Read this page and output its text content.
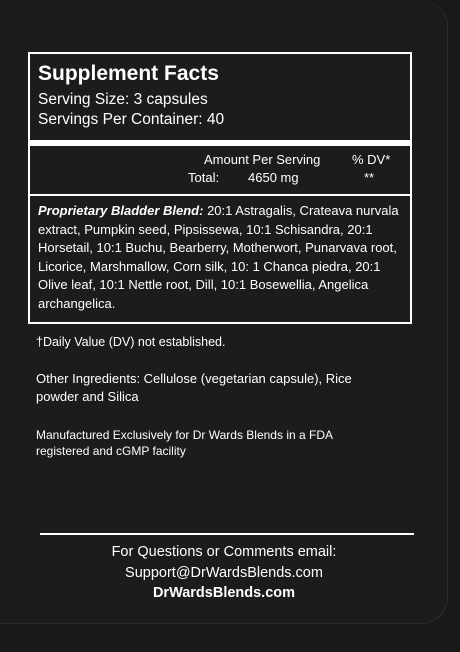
Supplement Facts
Serving Size: 3 capsules
Servings Per Container: 40
Amount Per Serving % DV*
Total: 4650 mg	**
Proprietary Bladder Blend: 20:1 Astragalis, Crateava nurvala extract, Pumpkin seed, Pipsissewa, 10:1 Schisandra, 20:1 Horsetail, 10:1 Buchu, Bearberry, Motherwort, Punarvava root, Licorice, Marshmallow, Corn silk, 10: 1 Chanca piedra, 20:1 Olive leaf, 10:1 Nettle root, Dill, 10:1 Bosewellia, Angelica archangelica.
†Daily Value (DV) not established.
Other Ingredients: Cellulose (vegetarian capsule), Rice powder and Silica
Manufactured Exclusively for Dr Wards Blends in a FDA registered and cGMP facility
For Questions or Comments email:
Support@DrWardsBlends.com
DrWardsBlends.com
